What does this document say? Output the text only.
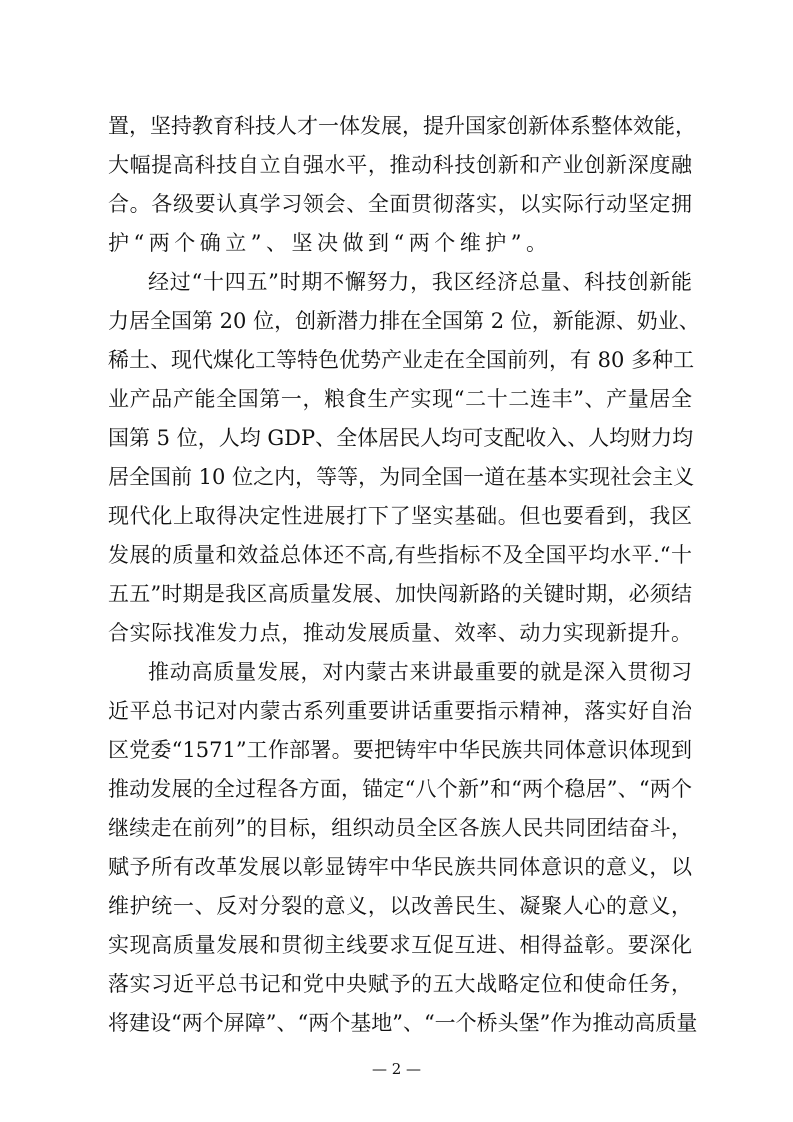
置，坚持教育科技人才一体发展，提升国家创新体系整体效能，
大幅提高科技自立自强水平，推动科技创新和产业创新深度融
合。各级要认真学习领会、全面贯彻落实，以实际行动坚定拥
护“两个确立”、坚决做到“两个维护”。
经过“十四五”时期不懈努力，我区经济总量、科技创新能
力居全国第 20 位，创新潜力排在全国第 2 位，新能源、奶业、
稀土、现代煤化工等特色优势产业走在全国前列，有 80 多种工
业产品产能全国第一，粮食生产实现“二十二连丰”、产量居全
国第 5 位，人均 GDP、全体居民人均可支配收入、人均财力均
居全国前 10 位之内，等等，为同全国一道在基本实现社会主义
现代化上取得决定性进展打下了坚实基础。但也要看到，我区
发展的质量和效益总体还不高,有些指标不及全国平均水平.“十
五五”时期是我区高质量发展、加快闯新路的关键时期，必须结
合实际找准发力点，推动发展质量、效率、动力实现新提升。
推动高质量发展，对内蒙古来讲最重要的就是深入贯彻习
近平总书记对内蒙古系列重要讲话重要指示精神，落实好自治
区党委“1571”工作部署。要把铸牢中华民族共同体意识体现到
推动发展的全过程各方面，锚定“八个新”和“两个稳居”、“两个
继续走在前列”的目标，组织动员全区各族人民共同团结奋斗，
赋予所有改革发展以彰显铸牢中华民族共同体意识的意义，以
维护统一、反对分裂的意义，以改善民生、凝聚人心的意义，
实现高质量发展和贯彻主线要求互促互进、相得益彰。要深化
落实习近平总书记和党中央赋予的五大战略定位和使命任务，
将建设“两个屏障”、“两个基地”、“一个桥头堡”作为推动高质量
— 2 —
